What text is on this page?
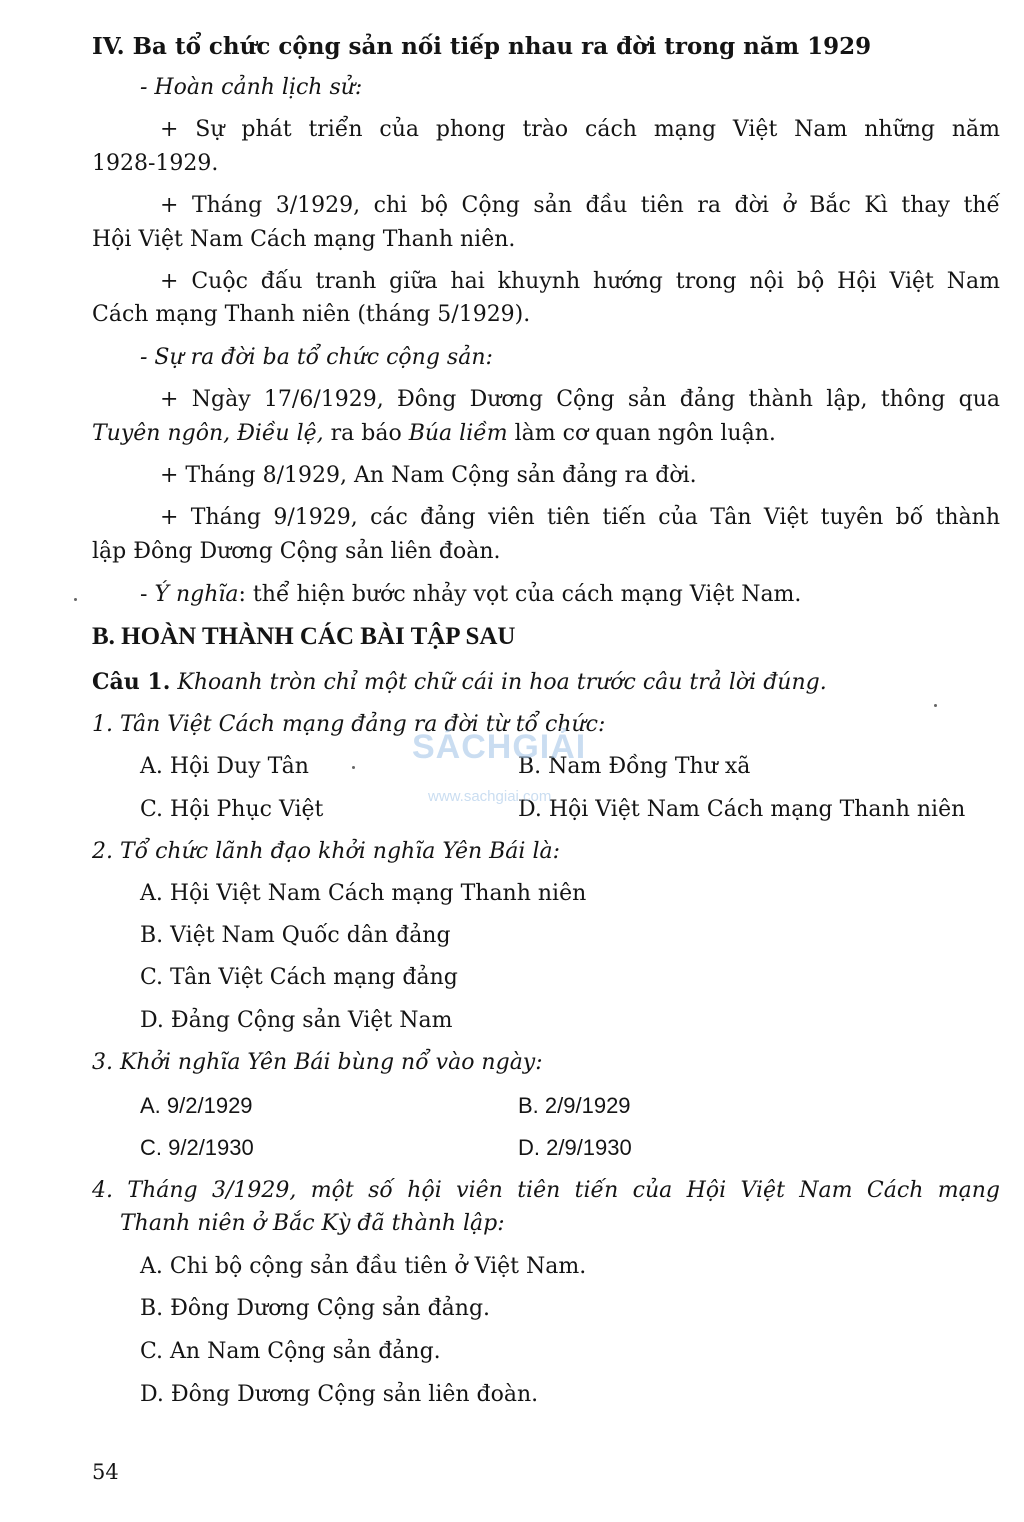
IV. Ba tổ chức cộng sản nối tiếp nhau ra đời trong năm 1929
- Hoàn cảnh lịch sử:
+ Sự phát triển của phong trào cách mạng Việt Nam những năm
1928-1929.
+ Tháng 3/1929, chi bộ Cộng sản đầu tiên ra đời ở Bắc Kì thay thế
Hội Việt Nam Cách mạng Thanh niên.
+ Cuộc đấu tranh giữa hai khuynh hướng trong nội bộ Hội Việt Nam
Cách mạng Thanh niên (tháng 5/1929).
- Sự ra đời ba tổ chức cộng sản:
+ Ngày 17/6/1929, Đông Dương Cộng sản đảng thành lập, thông qua
Tuyên ngôn, Điều lệ, ra báo Búa liềm làm cơ quan ngôn luận.
+ Tháng 8/1929, An Nam Cộng sản đảng ra đời.
+ Tháng 9/1929, các đảng viên tiên tiến của Tân Việt tuyên bố thành
lập Đông Dương Cộng sản liên đoàn.
- Ý nghĩa: thể hiện bước nhảy vọt của cách mạng Việt Nam.
B. HOÀN THÀNH CÁC BÀI TẬP SAU
Câu 1. Khoanh tròn chỉ một chữ cái in hoa trước câu trả lời đúng.
1. Tân Việt Cách mạng đảng ra đời từ tổ chức:
A. Hội Duy Tân	B. Nam Đồng Thư xã
C. Hội Phục Việt	D. Hội Việt Nam Cách mạng Thanh niên
2. Tổ chức lãnh đạo khởi nghĩa Yên Bái là:
A. Hội Việt Nam Cách mạng Thanh niên
B. Việt Nam Quốc dân đảng
C. Tân Việt Cách mạng đảng
D. Đảng Cộng sản Việt Nam
3. Khởi nghĩa Yên Bái bùng nổ vào ngày:
A. 9/2/1929	B. 2/9/1929
C. 9/2/1930	D. 2/9/1930
4. Tháng 3/1929, một số hội viên tiên tiến của Hội Việt Nam Cách mạng
Thanh niên ở Bắc Kỳ đã thành lập:
A. Chi bộ cộng sản đầu tiên ở Việt Nam.
B. Đông Dương Cộng sản đảng.
C. An Nam Cộng sản đảng.
D. Đông Dương Cộng sản liên đoàn.
SÁCHGIẢI
www.sachgiai.com
54
